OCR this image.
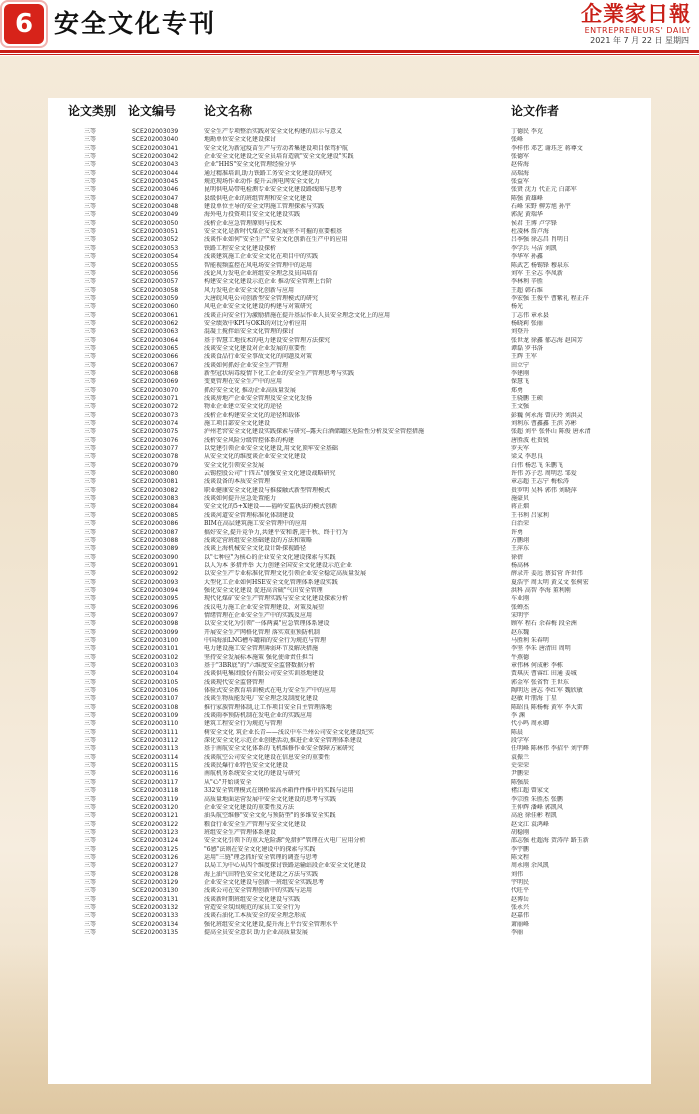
6 安全文化专刊	企業家日報
ENTREPRENEURS' DAILY
2021 年 7 月 22 日 星期四
论文类别 论文编号 论文名称	论文作者
三等	SCE202003039	安全生产专项整治实践对安全文化构建的启示与意义	丁德民 李克
三等	SCE202003040	地勘单位安全文化建设探讨	张峰
三等	SCE202003041	安全文化为新冠疫苗生产与劳动者集建设项目保驾护航	李样伟 邓艺 谢珏芝 蒋尊文
三等	SCE202003042	企业安全文化建设之安全员培育造就"安全文化建设"实践	张德军
三等	SCE202003043	企业"HHS"安全文化管理经验分享	赵传海
三等	SCE202003044	通过精准培训,助力铁路工务安全文化建设的研究	高瑞海
三等	SCE202003045	规范现场作业动作 提升云南电网安全文化力	张益军
三等	SCE202003046	昆明供电局带电检测专业安全文化建设路线图与思考	张贤 沈力 代正元 白部军
三等	SCE202003047	县级供电企业的班组管理和安全文化建设	陈强 黄雄峰
三等	SCE202003048	建设单位主导的安全文明施工管理探索与实践	石峰 宋野 柳芳旭 孙宇
三等	SCE202003049	海外电力投资项目安全文化建设实践	郭泥 黄瑞华
三等	SCE202003050	浅析企业应急管理原则与技术	侯君 王博 卢学锋
三等	SCE202003051	安全文化是新时代煤企安全发展坚不可摧的重要根基	杜凌林 詹卢海
三等	SCE202003052	浅谈作业如何"安全生产"安全文化创新在生产中的应用	吕季强 徐志昌 肖明日
三等	SCE202003053	铁路工程安全文化建设探析	李学兵 马洁 刘凯
三等	SCE202003054	浅谈建筑施工企业安全文化在项目中的实践	李华军 孙鑫
三等	SCE202003055	智能视频监控在风电场安全管理中的运用	陈武艺 杨锡锋 穆泉东
三等	SCE202003056	浅论风力发电企业班组安全理念及员国培育	刘军 王全志 李凤新
三等	SCE202003057	构建安全文化建设示范企业 推动安全管理上台阶	李林利 辛胜
三等	SCE202003058	风力发电企业安全文化创新与应用	王超 韩石维
三等	SCE202003059	大唐皖风电公司创新型安全管理模式的研究	李宏强 王俊平 曹紫礼 程正洋
三等	SCE202003060	风电企业安全文化建设的构建与对策研究	杨光
三等	SCE202003061	浅谈正向安全行为激励措施在提升基层作业人员安全理念文化上的应用	丁志伟 章永县
三等	SCE202003062	安全绩效中KPI与OKR的对比分析应用	杨晓莉 张丽
三等	SCE202003063	混凝土搅拌站安全文化管理的探讨	刘登升
三等	SCE202003064	基于智慧工地技术的电力建设安全管理方法探究	张世龙 徐鑫 郁志海 赵国芳
三等	SCE202003065	浅谈安全文化建设对企业发展的重要性	谭磊 罗书洛
三等	SCE202003066	浅谈食品行业安全事故文化的问题及对策	王辉 王军
三等	SCE202003067	浅谈如何抓好企业安全生产管理	田立宁
三等	SCE202003068	新型冠状病毒疫情下化工企业的安全生产管理思考与实践	李建刚
三等	SCE202003069	变更管理在安全生产中的应用	保慧飞
三等	SCE202003070	抓好安全文化 推动企业高质量发展	郑勇
三等	SCE202003071	浅谈房地产企业安全管理及安全文化发扬	王骁鹏 王硕
三等	SCE202003072	物业企业建立安全文化的途径	王文强
三等	SCE202003073	浅析企业构建安全文化的途径和载体	彭巍 何永海 曾庆玲 刘洪灵
三等	SCE202003074	施工项目部安全文化建设	刘利东 曹鑫鑫 王滨 苏彬
三等	SCE202003075	泸州老窖安全文化建设实践探索与研究--露天白酒储罐区危险性分析及安全管控措施	张超 刘平 张怀山 陈俊 唐永清
三等	SCE202003076	浅析安全风险分级管控体系的构建	唐胜波 杜贵锐
三等	SCE202003077	以党建引领企业安全文化建设,用文化顶牢安全基础	罗天军
三等	SCE202003078	从安全文化的维度谈企业安全文化建设	梁义 李思良
三等	SCE202003079	安全文化引领安全发展	白伟 杨忠飞 朱鹏飞
三等	SCE202003080	云锡控股公司"十四五"加强安全文化建设战略研究	许伟 苏子忠 周明忠 邹爱
三等	SCE202003081	浅谈设备的本质安全管理	章志超 王志宁 梅松涛
三等	SCE202003082	职业健康安全文化建设与推接触式新型管理模式	贵罗明 吴科 郭伟 刘晓萍
三等	SCE202003083	浅谈如何提升应急处置能力	施豪贝
三等	SCE202003084	安全文化的5+X建设——福岭安监执法的模式创新	蒋正烟
三等	SCE202003085	浅谈河道安全管理标准化体制建设	王书利 吕家利
三等	SCE202003086	BIM在高层建筑施工安全管理中的应用	白治荣
三等	SCE202003087	搞好安全,提升竞争力,共建平安和谐,迎千秋、终于行为	许勇
三等	SCE202003088	浅谈定营班组安全基础建设的方法和策略	方鹏翊
三等	SCE202003089	浅谈上海机械安全文化设计卧探视路径	王萍东
三等	SCE202003090	以"七种应"为核心的企业安全文化建设探索与实践	徐蓓
三等	SCE202003091	以人为本 多措并举 大力创建全国安全文化建设示范企业	杨高林
三等	SCE202003092	以安全生产专业标准化管理文化引领企业安全稳定高质量发展	薛录开 姜远 蔡贫营 许世伟
三等	SCE202003093	大型化工企业如何HSE安全文化管理体系建设实践	夏浩宇 周太明 黄义文 张树宏
三等	SCE202003094	强化安全文化建设 促进高含硫"气田安全管理	洪科 高智 李海 董利刚
三等	SCE202003095	现代化煤矿安全生产管理实践与安全文化建设探索分析	车业刚
三等	SCE202003096	浅议电力施工企业安全管理建设、对策及展望	张蝉杰
三等	SCE202003097	情绪管理在企业安全生产中的实践及应用	宋明宇
三等	SCE202003098	以安全文化为引领"一体两翼"应急管理体系建设	顾军 程石 余春梅 段全洲
三等	SCE202003099	开展安全生产网格化管理 落实双重预防机制	赵东魏
三等	SCE202003100	中国海油LNG槽车罐箱的安全行为规范与管理	马胜利 朱春明
三等	SCE202003101	电力建设施工安全管理薄弱环节及解决措施	李坚 李朱 唐清田 周明
三等	SCE202003102	坚持安全发展标本施策 强化使命责任担当	牛燕德
三等	SCE202003103	基于"3BR底"的"六维度安全监督数据分析	章伟林 何成彬 李栋
三等	SCE202003104	浅谈供电集团股份有限公司安全实训基地建设	贾琪庆 曹睿红 田通 姜城
三等	SCE202003105	浅谈现代安全监督管理	郭金军 张省哲 王世东
三等	SCE202003106	体验式安全教育培训模式在电力安全生产中的应用	陶明达 唐志 李红军 魏欣敏
三等	SCE202003107	浅谈生物质能发电厂安全理念及制度化建设	赵敏 叶朋海 丁星
三等	SCE202003108	推行家族管理体制,让工作项目安全自主管理落地	陈昭良 陈杨梅 黄军 李大雷
三等	SCE202003109	浅谈雨季预防机制在发电企业的实践应用	李 渊
三等	SCE202003110	建筑工程安全行为规范与管理	代小鸣 周永卿
三等	SCE202003111	树安全文化 筑企业长青——浅议中车兰州公司安全文化建设纪实	陈晨
三等	SCE202003112	深化安全文化示范企业创建活动,推进企业安全管理体系建设	段学军
三等	SCE202003113	基于南航安全文化体系的飞机维修作业安全保障方案研究	任明峰 陈林伟 李招平 刘宇辉
三等	SCE202003114	浅谈航空公司安全文化建设在信息安全的重要性	袁振兰
三等	SCE202003115	浅谈民爆行业特色安全文化建设	史荣荣
三等	SCE202003116	南航机务系统安全文化的建设与研究	尹鹏荣
三等	SCE202003117	从"心"开始谈安全	陈强辰
三等	SCE202003118	332安全管理模式在钢桥梁高承箱件件推中的实践与运用	褚江超 曾家文
三等	SCE202003119	高质量地面运营发展中安全文化建设的思考与实践	李宗胜 朱胜杰 张鹏
三等	SCE202003120	企业安全文化建设的重要性及方法	王仲辉 潘峰 郭凯风
三等	SCE202003121	油头航空维修"安全文化与预防型"的多维安全实践	高沧 徐佳彬 程凯
三等	SCE202003122	粮食行业安全生产管理与安全文化建设	赵文江 袁鸿峰
三等	SCE202003123	班组安全生产管理体系建设	胡稳刚
三等	SCE202003124	安全文化引领下的重大危险源"免措护"管理在火电厂应用分析	邵志强 杜超海 贺涛岸 路玉新
三等	SCE202003125	"6感"法则在安全文化建设中的探索与实践	李宇鹏
三等	SCE202003126	运用"三链"理念抓好安全管理的调查与思考	陈文程
三等	SCE202003127	以局工为中心从四个维度探讨铁路运输站段企业安全文化建设	周永刚 余风凯
三等	SCE202003128	海上油气田特色安全文化建设之方法与实践	刘伟
三等	SCE202003129	企业安全文化建设与创新一班组安全实践思考	宇明民
三等	SCE202003130	浅谈公司在安全管理创新中的实践与运用	代旺平
三等	SCE202003131	浅谈新时期班组安全文化建设与实践	赵博岳
三等	SCE202003132	营造安全氛围规范的家员工安全行为	张永兴
三等	SCE202003133	浅谈石油化工本质安全的安全理念形成	赵嘉伟
三等	SCE202003134	强化班组安全文化建设,提升海上平台安全管理水平	萧丽峰
三等	SCE202003135	提高全员安全意识 助力企业高质量发展	李丽
